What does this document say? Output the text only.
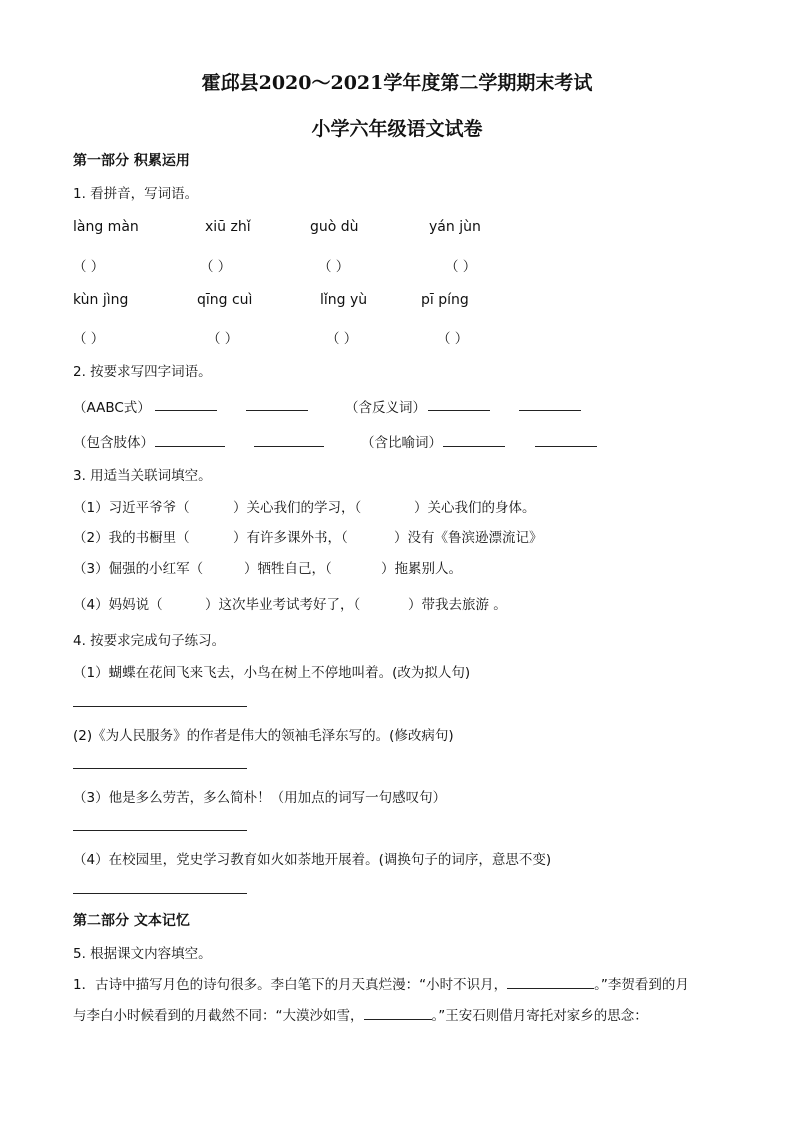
霍邱县2020～2021学年度第二学期期末考试
小学六年级语文试卷
第一部分 积累运用
1. 看拼音，写词语。
làng màn	xiū zhǐ	guò dù	yán jùn
（ ）	（ ）	（ ）	（ ）
kùn jìng	qīng cuì	lǐng yù	pī píng
（ ）	（ ）	（ ）	（ ）
2. 按要求写四字词语。
（AABC式）	（含反义词）
（包含肢体）	（含比喻词）
3. 用适当关联词填空。
（1）习近平爷爷（	）关心我们的学习，（	）关心我们的身体。
（2）我的书橱里（	）有许多课外书，（	）没有《鲁滨逊漂流记》
（3）倔强的小红军（	）牺牲自己，（	）拖累别人。
（4）妈妈说（	）这次毕业考试考好了，（	）带我去旅游 。
4. 按要求完成句子练习。
（1）蝴蝶在花间飞来飞去，小鸟在树上不停地叫着。(改为拟人句)
(2)《为人民服务》的作者是伟大的领袖毛泽东写的。(修改病句)
（3）他是多么劳苦，多么简朴！（用加点的词写一句感叹句）
（4）在校园里，党史学习教育如火如荼地开展着。(调换句子的词序，意思不变)
第二部分 文本记忆
5. 根据课文内容填空。
1．古诗中描写月色的诗句很多。李白笔下的月天真烂漫：“小时不识月，	。”李贺看到的月
与李白小时候看到的月截然不同：“大漠沙如雪，	。”王安石则借月寄托对家乡的思念：
